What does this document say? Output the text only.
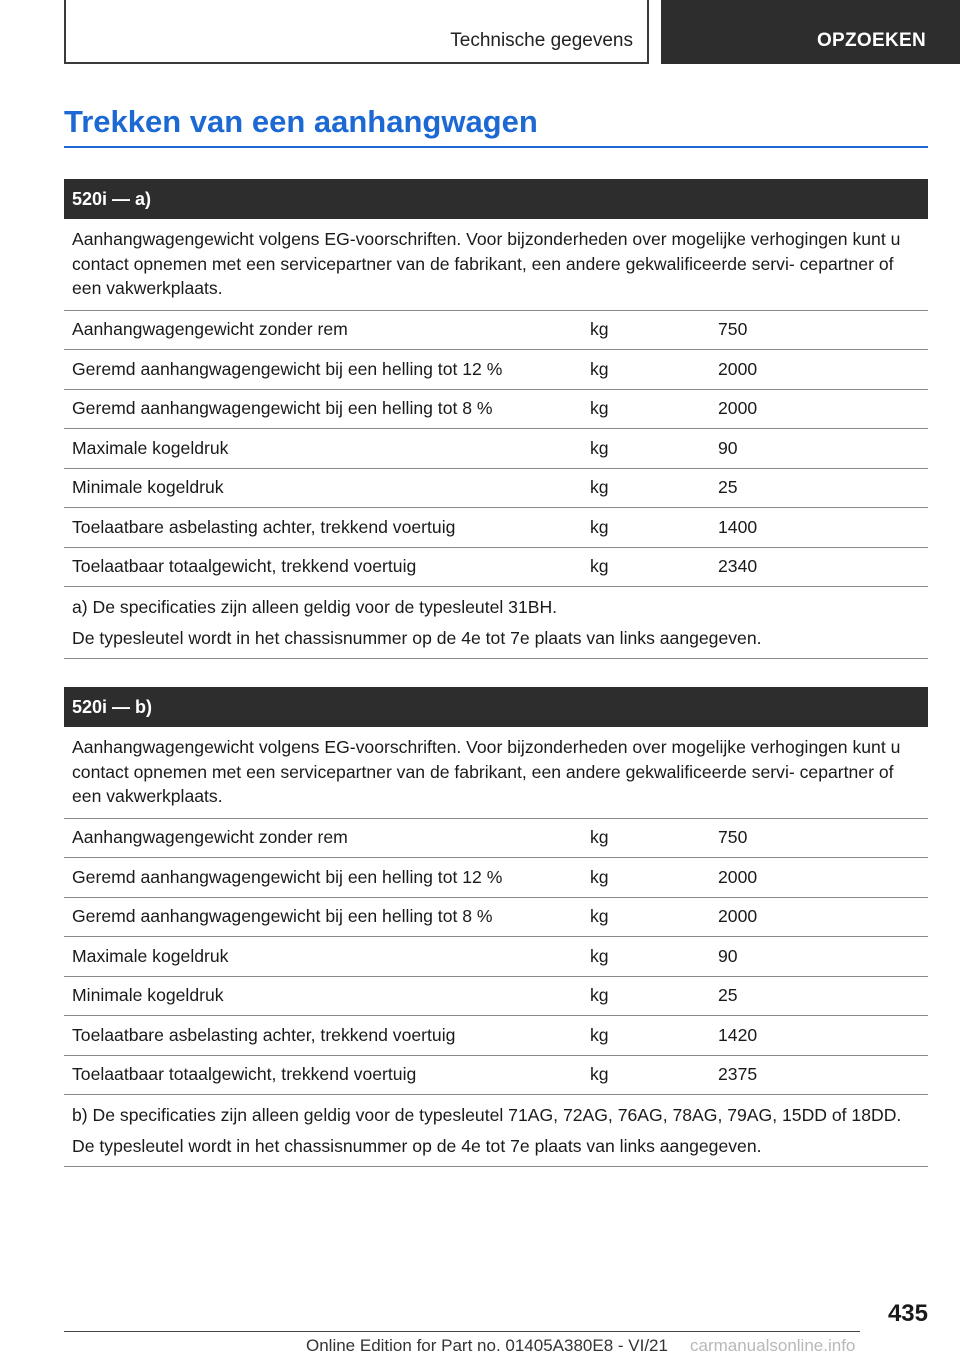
Technische gegevens	OPZOEKEN
Trekken van een aanhangwagen
520i — a)
Aanhangwagengewicht volgens EG-voorschriften. Voor bijzonderheden over mogelijke verhogingen kunt u contact opnemen met een servicepartner van de fabrikant, een andere gekwalificeerde servi- cepartner of een vakwerkplaats.
Aanhangwagengewicht zonder rem	kg	750
Geremd aanhangwagengewicht bij een helling tot 12 %	kg	2000
Geremd aanhangwagengewicht bij een helling tot 8 %	kg	2000
Maximale kogeldruk	kg	90
Minimale kogeldruk	kg	25
Toelaatbare asbelasting achter, trekkend voertuig	kg	1400
Toelaatbaar totaalgewicht, trekkend voertuig	kg	2340

a) De specificaties zijn alleen geldig voor de typesleutel 31BH.

De typesleutel wordt in het chassisnummer op de 4e tot 7e plaats van links aangegeven.

520i — b)
Aanhangwagengewicht volgens EG-voorschriften. Voor bijzonderheden over mogelijke verhogingen kunt u contact opnemen met een servicepartner van de fabrikant, een andere gekwalificeerde servi- cepartner of een vakwerkplaats.
Aanhangwagengewicht zonder rem	kg	750
Geremd aanhangwagengewicht bij een helling tot 12 %	kg	2000
Geremd aanhangwagengewicht bij een helling tot 8 %	kg	2000
Maximale kogeldruk	kg	90
Minimale kogeldruk	kg	25
Toelaatbare asbelasting achter, trekkend voertuig	kg	1420
Toelaatbaar totaalgewicht, trekkend voertuig	kg	2375

b) De specificaties zijn alleen geldig voor de typesleutel 71AG, 72AG, 76AG, 78AG, 79AG, 15DD of 18DD.

De typesleutel wordt in het chassisnummer op de 4e tot 7e plaats van links aangegeven.

435
Online Edition for Part no. 01405A380E8 - VI/21 carmanualsonline.info
